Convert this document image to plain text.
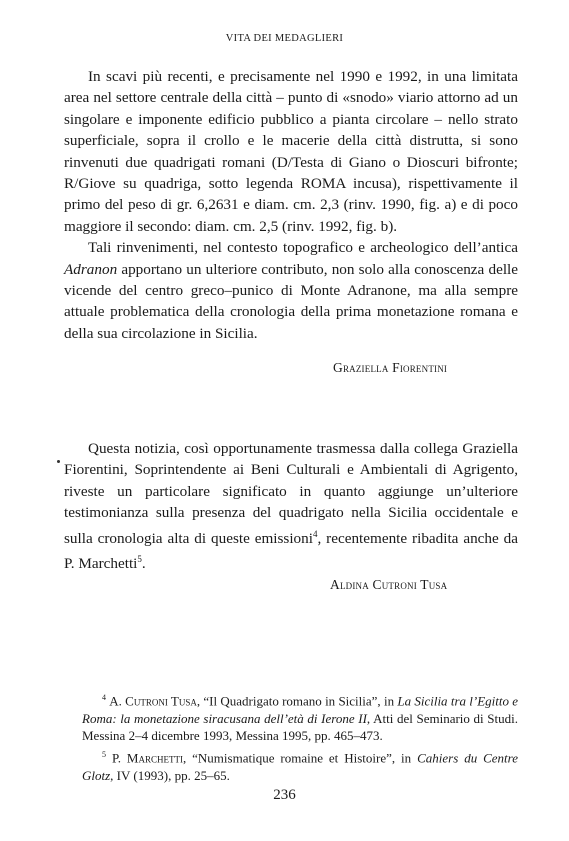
VITA DEI MEDAGLIERI

In scavi più recenti, e precisamente nel 1990 e 1992, in una limitata area nel settore centrale della città – punto di «snodo» viario attorno ad un singolare e imponente edificio pubblico a pianta circolare – nello strato superficiale, sopra il crollo e le macerie della città distrutta, si sono rinvenuti due quadrigati romani (D/Testa di Giano o Dioscuri bifronte; R/Giove su quadriga, sotto legenda ROMA incusa), rispettivamente il primo del peso di gr. 6,2631 e diam. cm. 2,3 (rinv. 1990, fig. a) e di poco maggiore il secondo: diam. cm. 2,5 (rinv. 1992, fig. b).

Tali rinvenimenti, nel contesto topografico e archeologico dell’antica Adranon apportano un ulteriore contributo, non solo alla conoscenza delle vicende del centro greco–punico di Monte Adranone, ma alla sempre attuale problematica della cronologia della prima monetazione romana e della sua circolazione in Sicilia.

Graziella Fiorentini

Questa notizia, così opportunamente trasmessa dalla collega Graziella Fiorentini, Soprintendente ai Beni Culturali e Ambientali di Agrigento, riveste un particolare significato in quanto aggiunge un’ulteriore testimonianza sulla presenza del quadrigato nella Sicilia occidentale e sulla cronologia alta di queste emissioni$^4$, recentemente ribadita anche da P. Marchetti$^5$.

Aldina Cutroni Tusa

$^4$ A. Cutroni Tusa, “Il Quadrigato romano in Sicilia”, in La Sicilia tra l’Egitto e Roma: la monetazione siracusana dell’età di Ierone II, Atti del Seminario di Studi. Messina 2–4 dicembre 1993, Messina 1995, pp. 465–473.

$^5$ P. Marchetti, “Numismatique romaine et Histoire”, in Cahiers du Centre Glotz, IV (1993), pp. 25–65.

236
